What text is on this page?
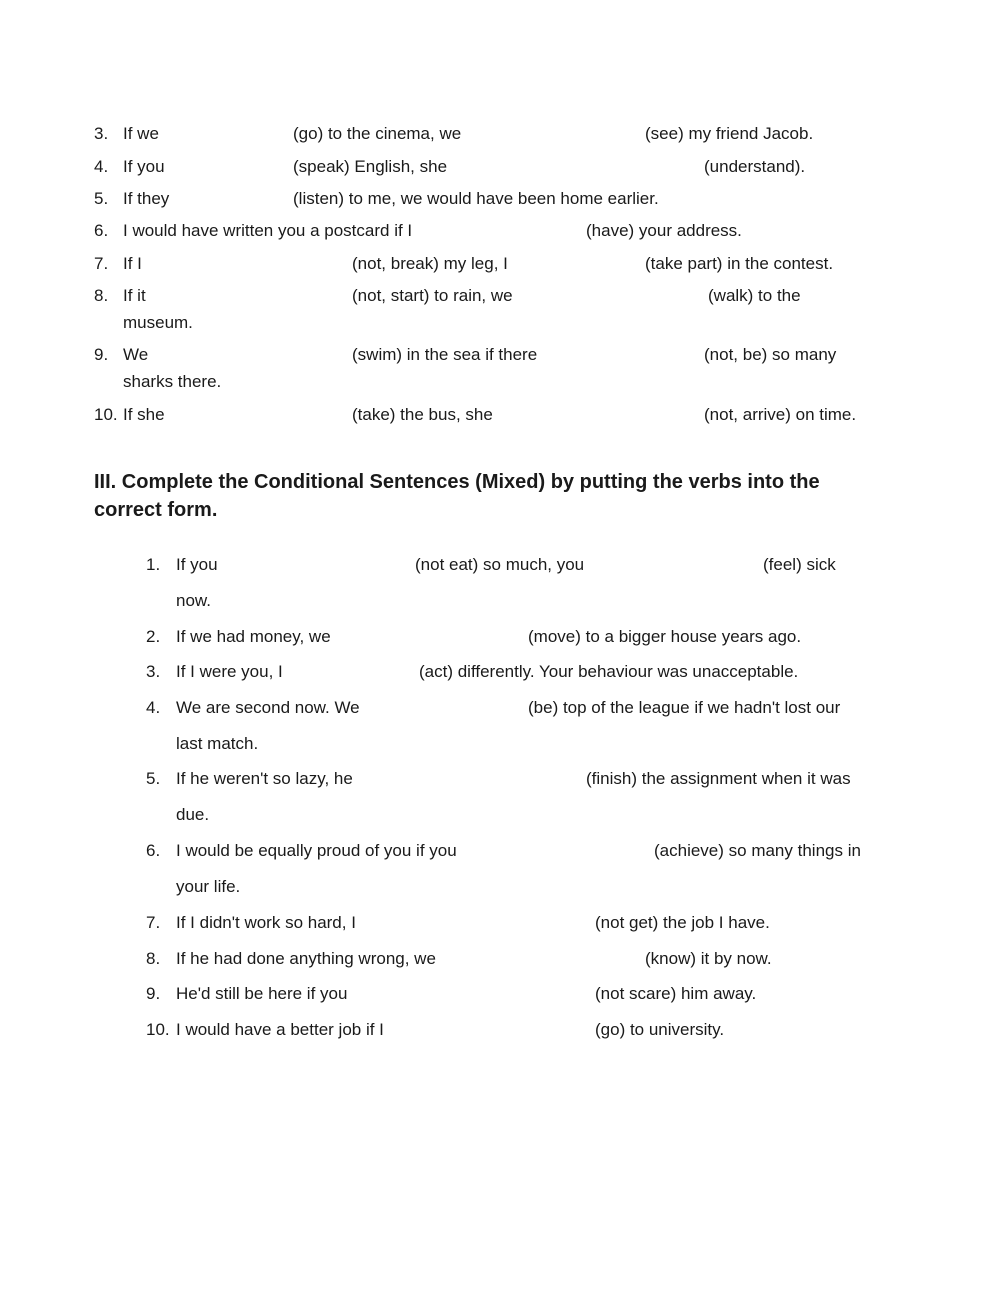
3. If we	(go) to the cinema, we	(see) my friend Jacob.
4. If you	(speak) English, she	(understand).
5. If they	(listen) to me, we would have been home earlier.
6. I would have written you a postcard if I	(have) your address.
7. If I	(not, break) my leg, I	(take part) in the contest.
8. If it	(not, start) to rain, we	(walk) to the
museum.
9. We	(swim) in the sea if there	(not, be) so many
sharks there.
10. If she	(take) the bus, she	(not, arrive) on time.
III. Complete the Conditional Sentences (Mixed) by putting the verbs into the
correct form.
1. If you	(not eat) so much, you	(feel) sick
now.
2. If we had money, we	(move) to a bigger house years ago.
3. If I were you, I	(act) differently. Your behaviour was unacceptable.
4. We are second now. We	(be) top of the league if we hadn't lost our
last match.
5. If he weren't so lazy, he	(finish) the assignment when it was
due.
6. I would be equally proud of you if you	(achieve) so many things in
your life.
7. If I didn't work so hard, I	(not get) the job I have.
8. If he had done anything wrong, we	(know) it by now.
9. He'd still be here if you	(not scare) him away.
10. I would have a better job if I	(go) to university.
